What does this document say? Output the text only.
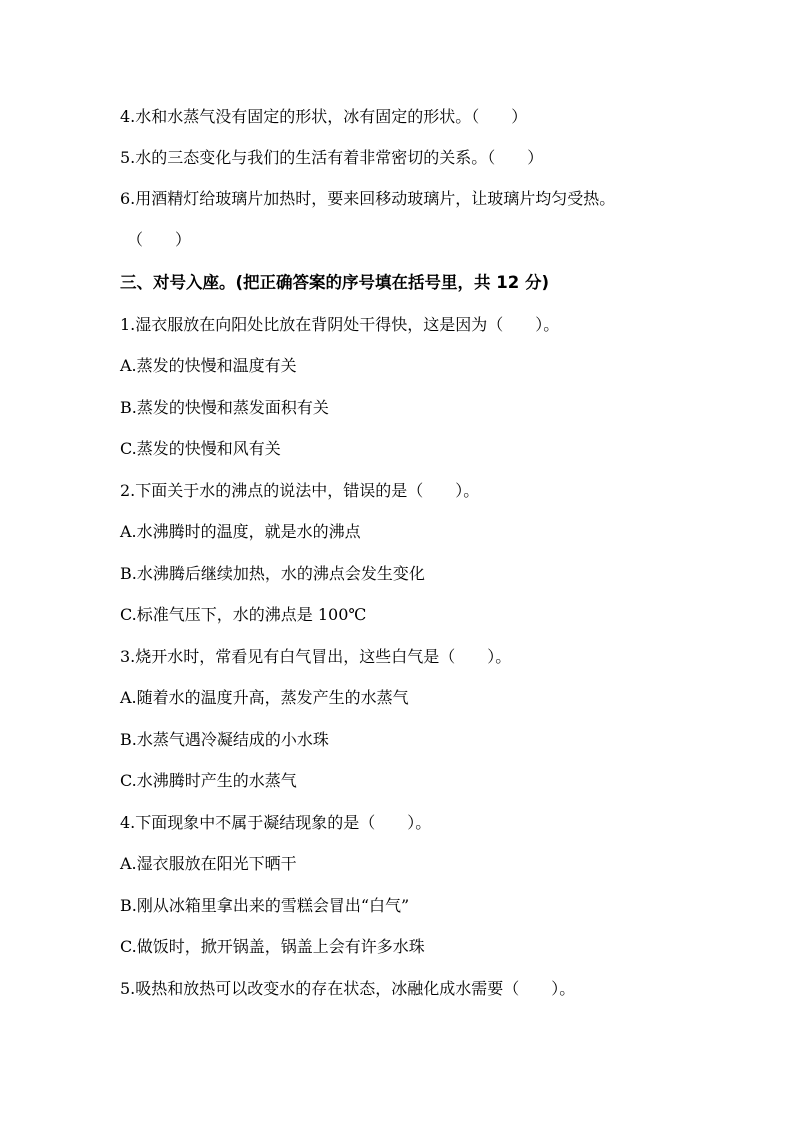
4.水和水蒸气没有固定的形状，冰有固定的形状。（　　）
5.水的三态变化与我们的生活有着非常密切的关系。（　　）
6.用酒精灯给玻璃片加热时，要来回移动玻璃片，让玻璃片均匀受热。
（　　）
三、对号入座。(把正确答案的序号填在括号里，共 12 分)
1.湿衣服放在向阳处比放在背阴处干得快，这是因为（　　）。
A.蒸发的快慢和温度有关
B.蒸发的快慢和蒸发面积有关
C.蒸发的快慢和风有关
2.下面关于水的沸点的说法中，错误的是（　　）。
A.水沸腾时的温度，就是水的沸点
B.水沸腾后继续加热，水的沸点会发生变化
C.标准气压下，水的沸点是 100℃
3.烧开水时，常看见有白气冒出，这些白气是（　　）。
A.随着水的温度升高，蒸发产生的水蒸气
B.水蒸气遇冷凝结成的小水珠
C.水沸腾时产生的水蒸气
4.下面现象中不属于凝结现象的是（　　）。
A.湿衣服放在阳光下晒干
B.刚从冰箱里拿出来的雪糕会冒出“白气”
C.做饭时，掀开锅盖，锅盖上会有许多水珠
5.吸热和放热可以改变水的存在状态，冰融化成水需要（　　）。
